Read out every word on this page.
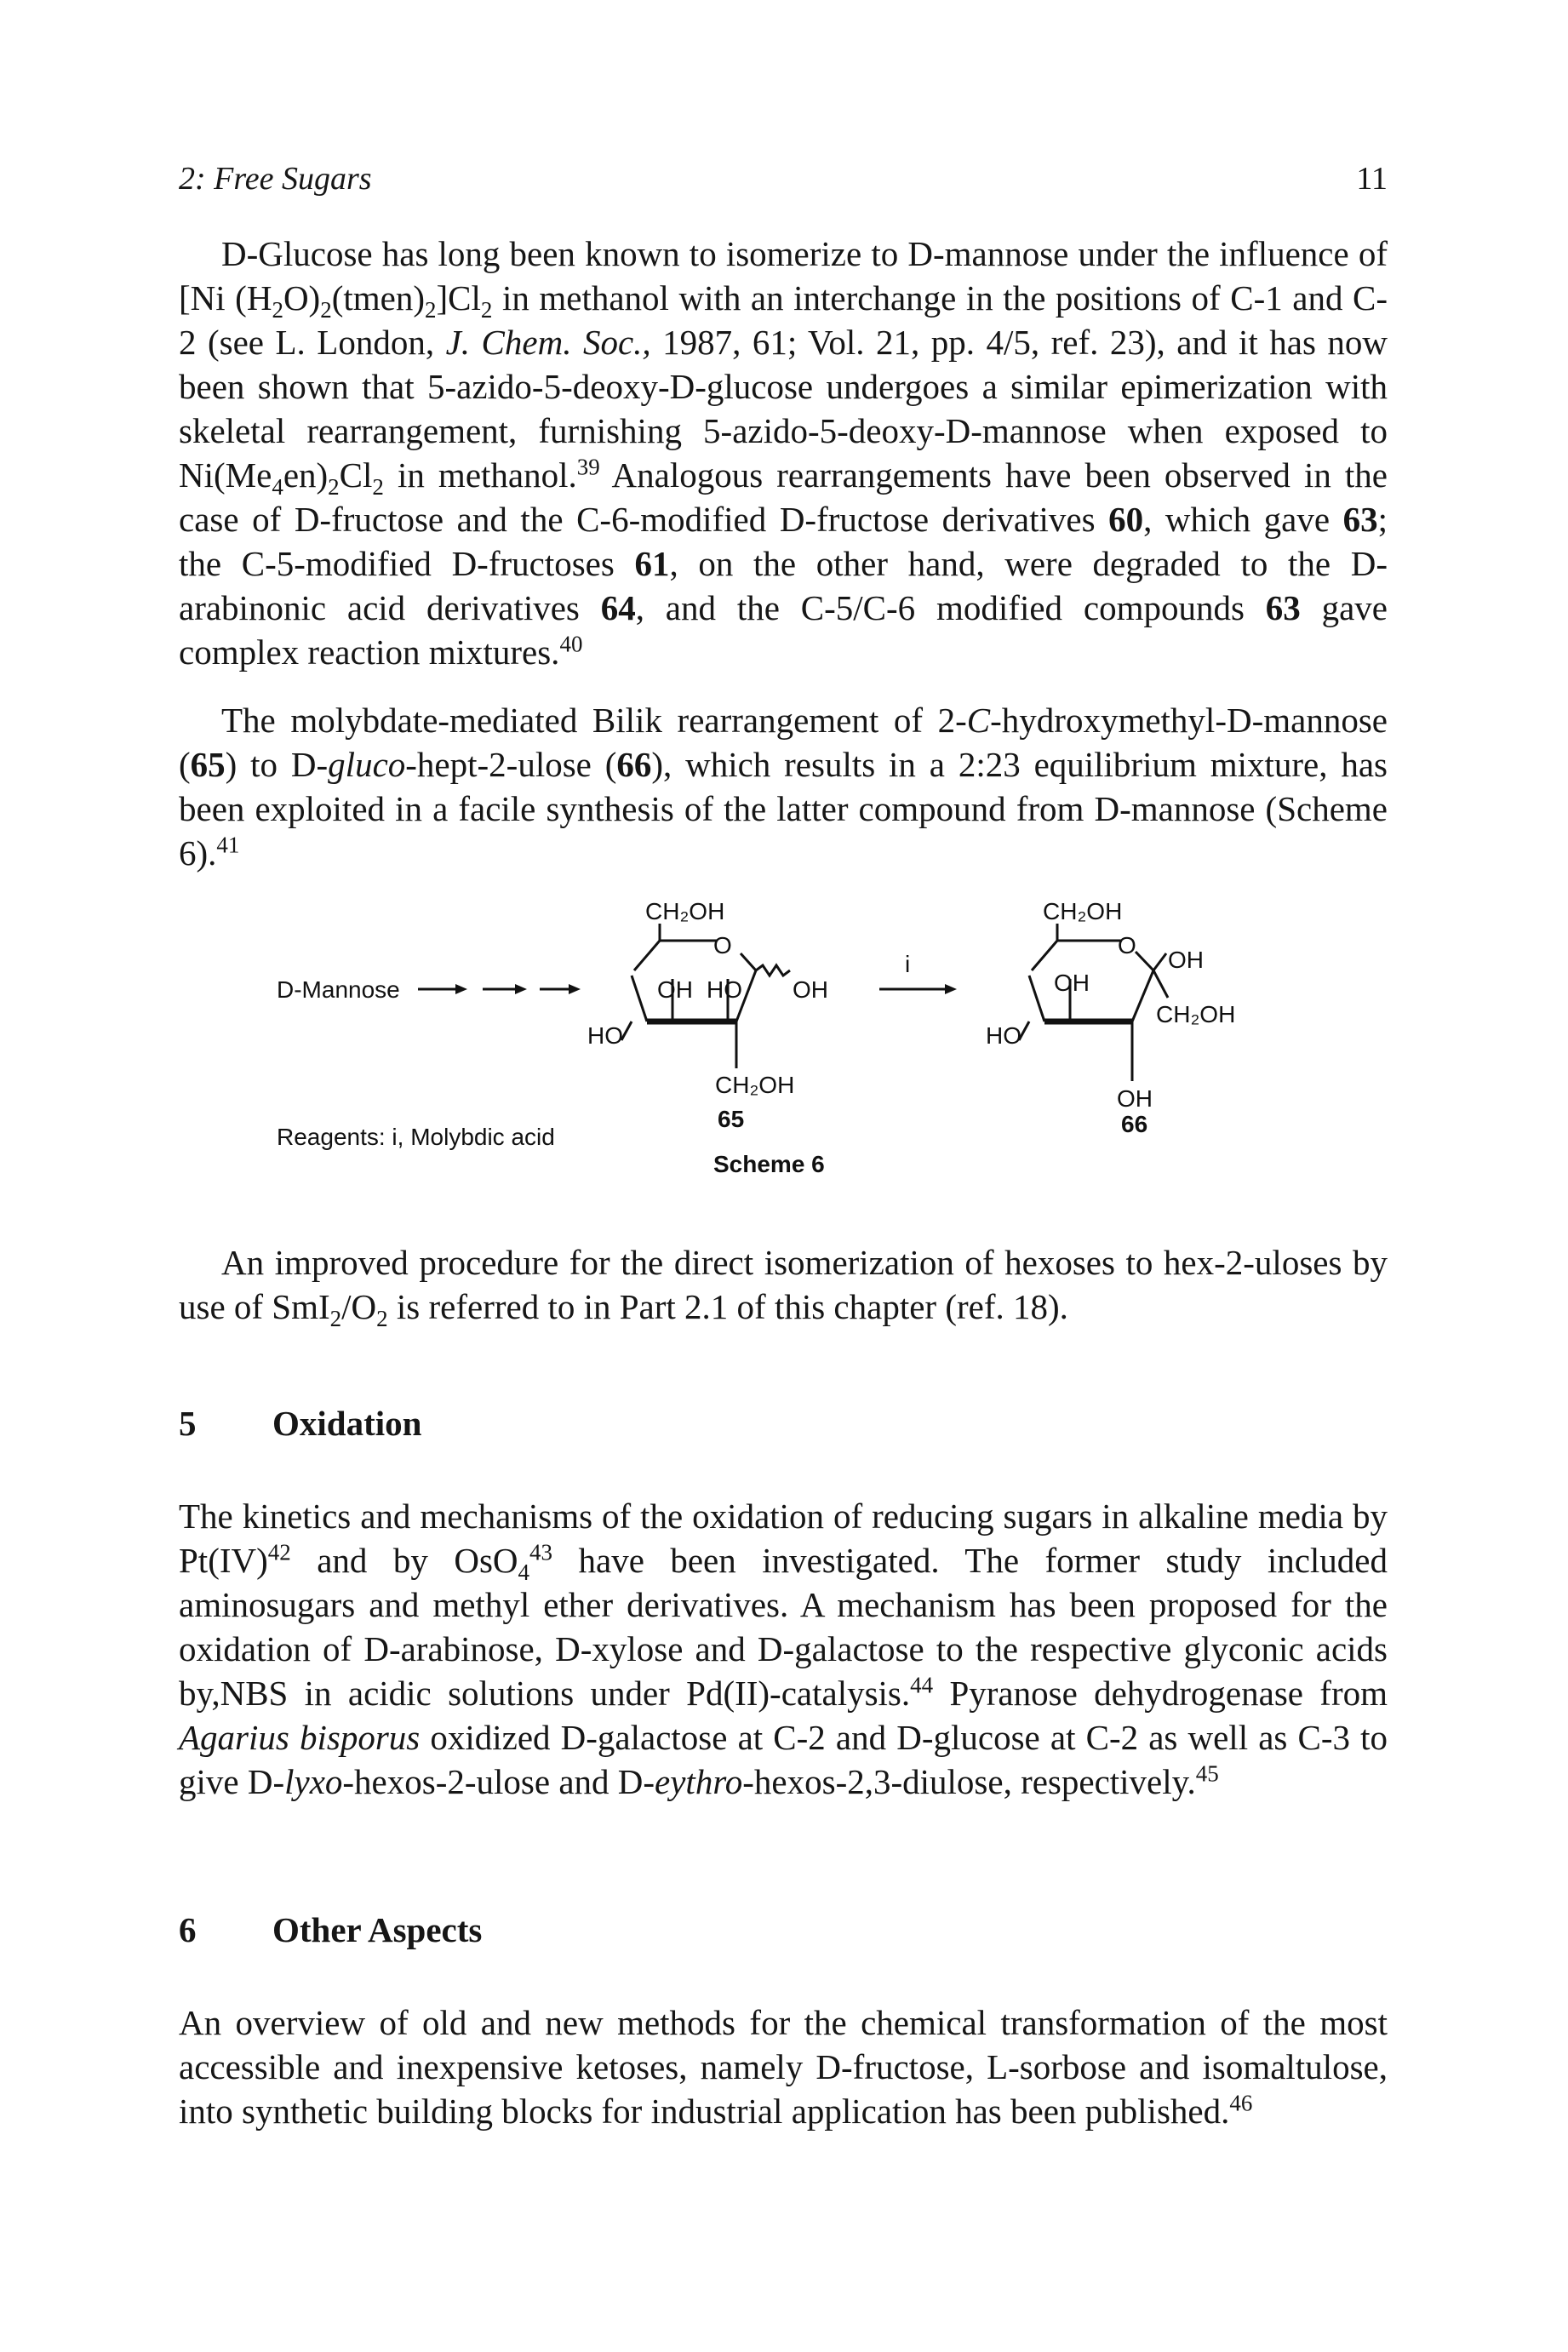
2: Free Sugars	11

D-Glucose has long been known to isomerize to D-mannose under the influence of [Ni $(H_2O)_2(tmen)_2]Cl_2$ in methanol with an interchange in the positions of C-1 and C-2 (see L. London, J. Chem. Soc., 1987, 61; Vol. 21, pp. 4/5, ref. 23), and it has now been shown that 5-azido-5-deoxy-D-glucose undergoes a similar epimerization with skeletal rearrangement, furnishing 5-azido-5-deoxy-D-mannose when exposed to $Ni(Me_4en)_2Cl_2$ in methanol.$^{39}$ Analogous rearrangements have been observed in the case of D-fructose and the C-6-modified D-fructose derivatives 60, which gave 63; the C-5-modified D-fructoses 61, on the other hand, were degraded to the D-arabinonic acid derivatives 64, and the C-5/C-6 modified compounds 63 gave complex reaction mixtures.$^{40}$

The molybdate-mediated Bilik rearrangement of 2-C-hydroxymethyl-D-mannose (65) to D-gluco-hept-2-ulose (66), which results in a 2:23 equilibrium mixture, has been exploited in a facile synthesis of the latter compound from D-mannose (Scheme 6).$^{41}$

D-Mannose
CH₂OH
O
OH HO OH
HO
CH₂OH
65
i
CH₂OH
O
OH
OH
CH₂OH
HO
OH
66
Reagents: i, Molybdic acid
Scheme 6

An improved procedure for the direct isomerization of hexoses to hex-2-uloses by use of $SmI_2/O_2$ is referred to in Part 2.1 of this chapter (ref. 18).

5 Oxidation

The kinetics and mechanisms of the oxidation of reducing sugars in alkaline media by Pt(IV)$^{42}$ and by OsO$_4^{43}$ have been investigated. The former study included aminosugars and methyl ether derivatives. A mechanism has been proposed for the oxidation of D-arabinose, D-xylose and D-galactose to the respective glyconic acids by,NBS in acidic solutions under Pd(II)-catalysis.$^{44}$ Pyranose dehydrogenase from Agarius bisporus oxidized D-galactose at C-2 and D-glucose at C-2 as well as C-3 to give D-lyxo-hexos-2-ulose and D-eythro-hexos-2,3-diulose, respectively.$^{45}$

6 Other Aspects

An overview of old and new methods for the chemical transformation of the most accessible and inexpensive ketoses, namely D-fructose, L-sorbose and isomaltulose, into synthetic building blocks for industrial application has been published.$^{46}$
